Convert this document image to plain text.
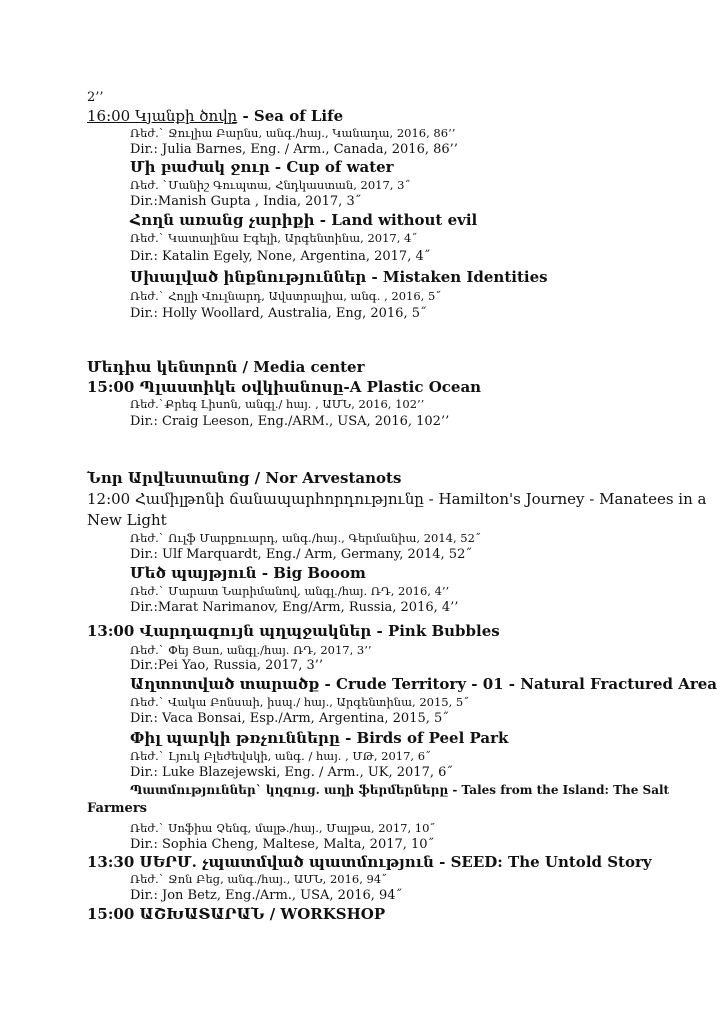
2’’
16:00 Կյանքի ծովը - Sea of Life
Ռեժ.` Ջուլիա Բարնս, անգ./հայ., Կանադա, 2016, 86’’
Dir.: Julia Barnes, Eng. / Arm., Canada, 2016, 86’’
Մի բաժակ ջուր - Cup of water
Ռեժ. `Մանիշ Գուպտա, Հնդկաստան, 2017, 3˝
Dir.:Manish Gupta , India, 2017, 3˝
Հողն առանց չարիքի - Land without evil
Ռեժ.` Կատալինա Էգելի, Արգենտինա, 2017, 4˝
Dir.: Katalin Egely, None, Argentina, 2017, 4˝
Սխալված ինքնություններ - Mistaken Identities
Ռեժ.` Հոլլի Վուլնարդ, Ավստրալիա, անգ. , 2016, 5˝
Dir.: Holly Woollard, Australia, Eng, 2016, 5˝
Մեդիա կենտրոն / Media center
15:00 Պլաստիկե օվկիանոսը-A Plastic Ocean
Ռեժ.`Քրեգ Լիսոն, անգլ./ հայ. , ԱՄՆ, 2016, 102’’
Dir.: Craig Leeson, Eng./ARM., USA, 2016, 102’’
Նոր Արվեստանոց / Nor Arvestanots
12:00 Համիլթոնի ճանապարհորդությունը - Hamilton's Journey - Manatees in a
New Light
Ռեժ.` Ուլֆ Մարքուարդ, անգ./հայ., Գերմանիա, 2014, 52˝
Dir.: Ulf Marquardt, Eng./ Arm, Germany, 2014, 52˝
Մեծ պայթյուն - Big Booom
Ռեժ.` Մարատ Նարիմանով, անգլ./հայ. ՌԴ, 2016, 4’’
Dir.:Marat Narimanov, Eng/Arm, Russia, 2016, 4’’
13:00 Վարդագույն պղպջակներ - Pink Bubbles
Ռեժ.` Փեյ Յաո, անգլ./հայ. ՌԴ, 2017, 3’’
Dir.:Pei Yao, Russia, 2017, 3’’
Աղտոտված տարածք - Crude Territory - 01 - Natural Fractured Area
Ռեժ.` Վակա Բոնսաի, իսպ./ հայ., Արգենտինա, 2015, 5˝
Dir.: Vaca Bonsai, Esp./Arm, Argentina, 2015, 5˝
Փիլ պարկի թռչունները - Birds of Peel Park
Ռեժ.` Լյուկ Բլեժեվսկի, անգ. / հայ. , ՄԹ, 2017, 6˝
Dir.: Luke Blazejewski, Eng. / Arm., UK, 2017, 6˝
Պատմություններ` կղզուց. աղի ֆերմերները - Tales from the Island: The Salt
Farmers
Ռեժ.` Սոֆիա Չենգ, մալթ./հայ., Մալթա, 2017, 10˝
Dir.: Sophia Cheng, Maltese, Malta, 2017, 10˝
13:30 ՍԵՐՄ. չպատմված պատմություն - SEED: The Untold Story
Ռեժ.` Ջոն Բեց, անգ./հայ., ԱՄՆ, 2016, 94˝
Dir.: Jon Betz, Eng./Arm., USA, 2016, 94˝
15:00 ԱՇԽԱՏԱՐԱՆ / WORKSHOP
